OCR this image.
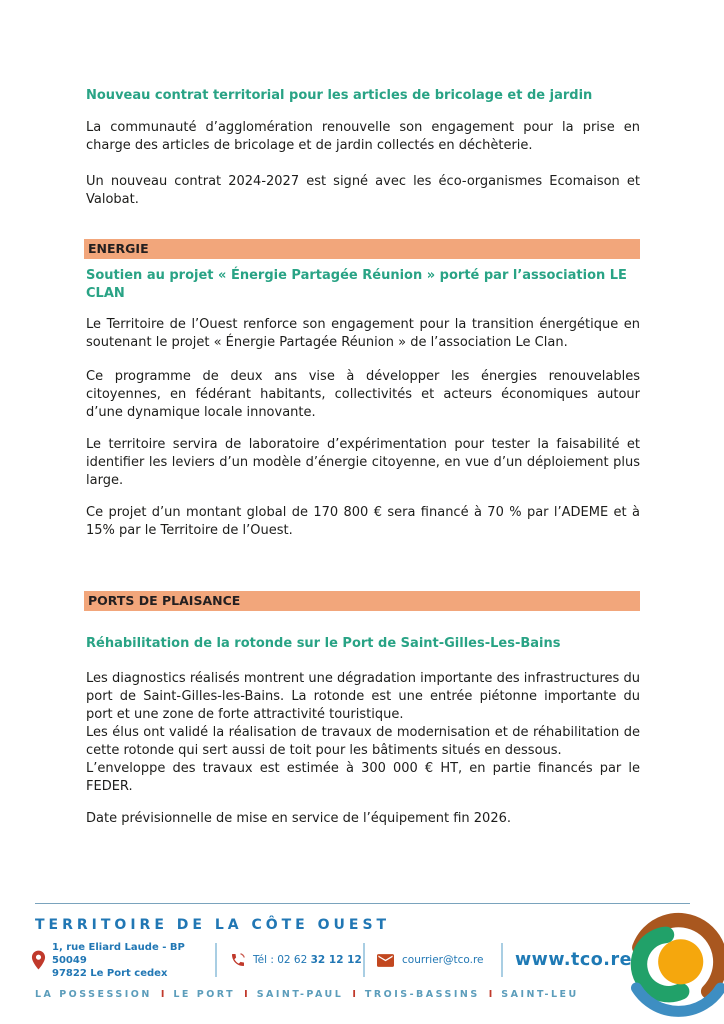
Nouveau contrat territorial pour les articles de bricolage et de jardin

La communauté d’agglomération renouvelle son engagement pour la prise en charge des articles de bricolage et de jardin collectés en déchèterie.

Un nouveau contrat 2024-2027 est signé avec les éco-organismes Ecomaison et Valobat.

ENERGIE
Soutien au projet « Énergie Partagée Réunion » porté par l’association LE CLAN

Le Territoire de l’Ouest renforce son engagement pour la transition énergétique en soutenant le projet « Énergie Partagée Réunion » de l’association Le Clan.

Ce programme de deux ans vise à développer les énergies renouvelables citoyennes, en fédérant habitants, collectivités et acteurs économiques autour d’une dynamique locale innovante.

Le territoire servira de laboratoire d’expérimentation pour tester la faisabilité et identifier les leviers d’un modèle d’énergie citoyenne, en vue d’un déploiement plus large.

Ce projet d’un montant global de 170 800 € sera financé à 70 % par l’ADEME et à 15% par le Territoire de l’Ouest.

PORTS DE PLAISANCE
Réhabilitation de la rotonde sur le Port de Saint-Gilles-Les-Bains

Les diagnostics réalisés montrent une dégradation importante des infrastructures du port de Saint-Gilles-les-Bains. La rotonde est une entrée piétonne importante du port et une zone de forte attractivité touristique.

Les élus ont validé la réalisation de travaux de modernisation et de réhabilitation de cette rotonde qui sert aussi de toit pour les bâtiments situés en dessous.

L’enveloppe des travaux est estimée à 300 000 € HT, en partie financés par le FEDER.

Date prévisionnelle de mise en service de l’équipement fin 2026.

TERRITOIRE DE LA CÔTE OUEST
1, rue Eliard Laude - BP 50049
97822 Le Port cedex
Tél : 02 62 32 12 12	courrier@tco.re	www.tco.re
LA POSSESSION I LE PORT I SAINT-PAUL I TROIS-BASSINS I SAINT-LEU
